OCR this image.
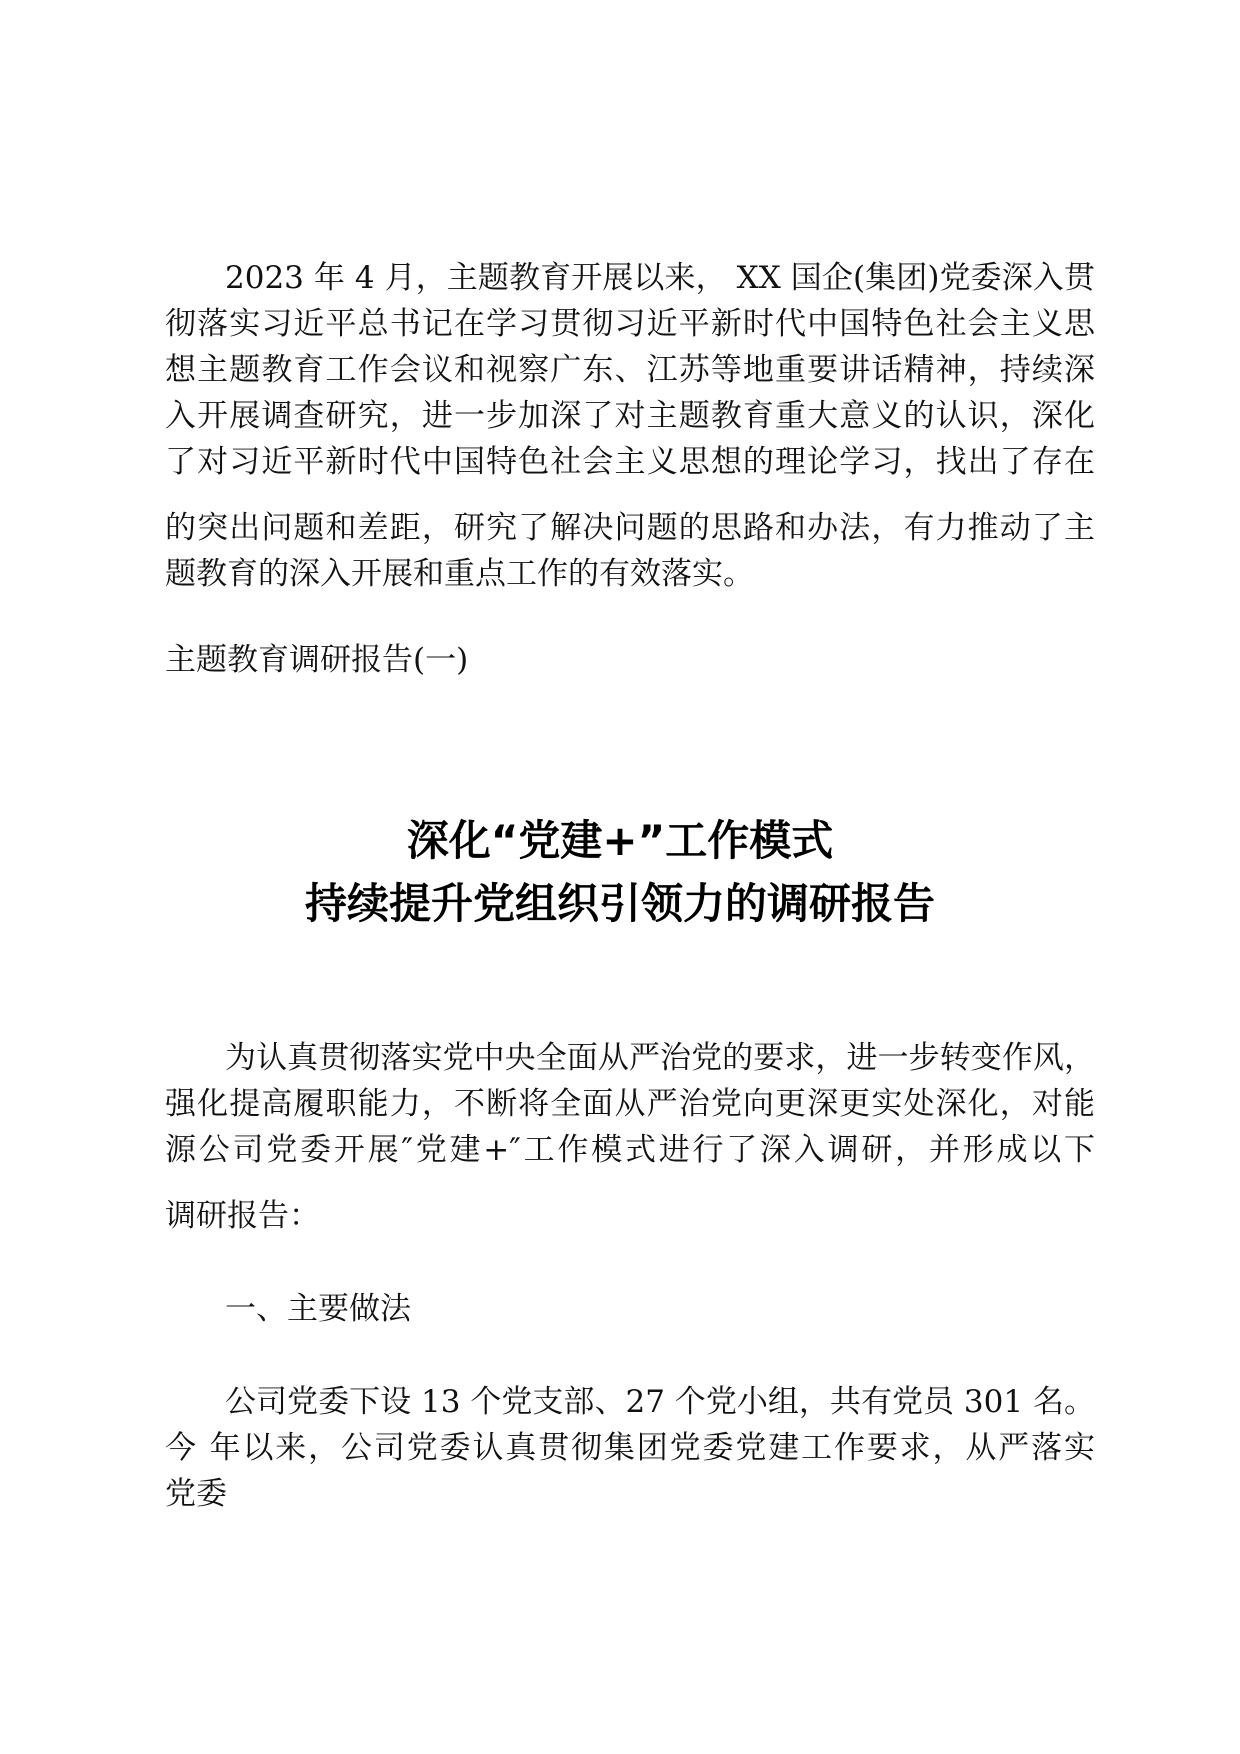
2023 年 4 月，主题教育开展以来， XX 国企(集团)党委深入贯
彻落实习近平总书记在学习贯彻习近平新时代中国特色社会主义思
想主题教育工作会议和视察广东、江苏等地重要讲话精神，持续深
入开展调查研究，进一步加深了对主题教育重大意义的认识，深化
了对习近平新时代中国特色社会主义思想的理论学习，找出了存在
的突出问题和差距，研究了解决问题的思路和办法，有力推动了主
题教育的深入开展和重点工作的有效落实。
主题教育调研报告(一)
深化“党建+”工作模式
持续提升党组织引领力的调研报告
为认真贯彻落实党中央全面从严治党的要求，进一步转变作风，
强化提高履职能力，不断将全面从严治党向更深更实处深化，对能
源公司党委开展″党建+″工作模式进行了深入调研，并形成以下
调研报告：
一、主要做法
公司党委下设 13 个党支部、27 个党小组，共有党员 301 名。
今 年以来，公司党委认真贯彻集团党委党建工作要求，从严落实
党委
